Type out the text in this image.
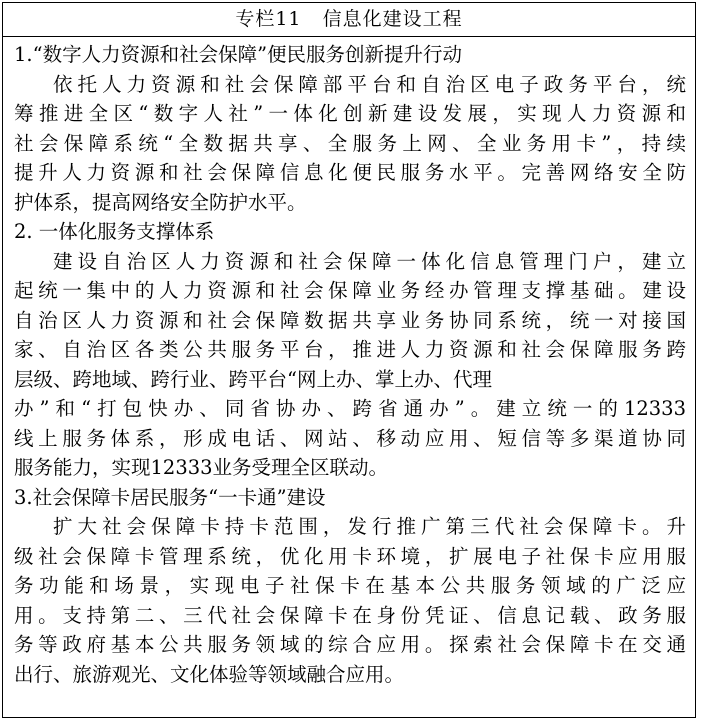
专栏11   信息化建设工程
1.“数字人力资源和社会保障”便民服务创新提升行动
依托人力资源和社会保障部平台和自治区电子政务平台，统
筹推进全区“数字人社”一体化创新建设发展，实现人力资源和
社会保障系统“全数据共享、全服务上网、全业务用卡”，持续
提升人力资源和社会保障信息化便民服务水平。完善网络安全防
护体系，提高网络安全防护水平。
2. 一体化服务支撑体系
建设自治区人力资源和社会保障一体化信息管理门户，建立
起统一集中的人力资源和社会保障业务经办管理支撑基础。建设
自治区人力资源和社会保障数据共享业务协同系统，统一对接国
家、自治区各类公共服务平台，推进人力资源和社会保障服务跨
层级、跨地域、跨行业、跨平台“网上办、掌上办、代理
办”和“打包快办、同省协办、跨省通办”。建立统一的12333
线上服务体系，形成电话、网站、移动应用、短信等多渠道协同
服务能力，实现12333业务受理全区联动。
3.社会保障卡居民服务“一卡通”建设
扩大社会保障卡持卡范围，发行推广第三代社会保障卡。升
级社会保障卡管理系统，优化用卡环境，扩展电子社保卡应用服
务功能和场景，实现电子社保卡在基本公共服务领域的广泛应
用。支持第二、三代社会保障卡在身份凭证、信息记载、政务服
务等政府基本公共服务领域的综合应用。探索社会保障卡在交通
出行、旅游观光、文化体验等领域融合应用。
